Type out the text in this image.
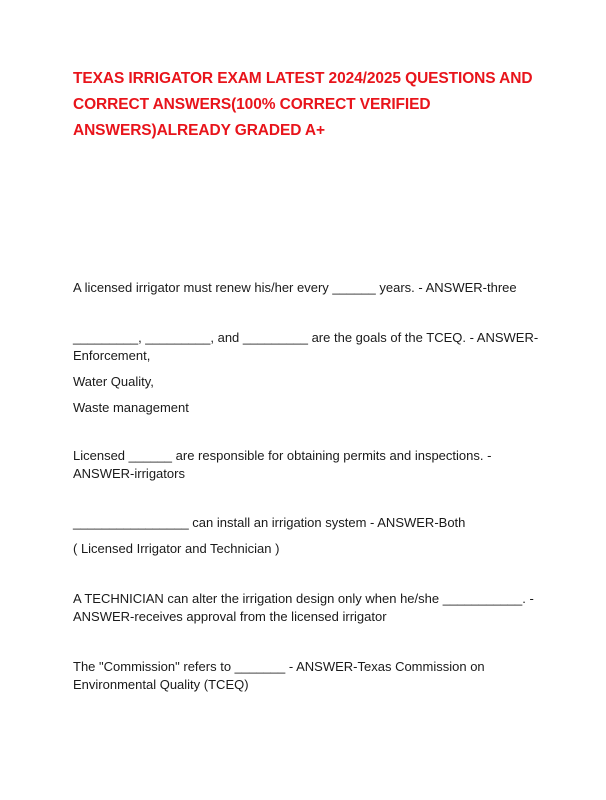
TEXAS IRRIGATOR EXAM LATEST 2024/2025 QUESTIONS AND CORRECT ANSWERS(100% CORRECT VERIFIED ANSWERS)ALREADY GRADED A+

A licensed irrigator must renew his/her every ______ years. - ANSWER-three

_________, _________, and _________ are the goals of the TCEQ. - ANSWER-Enforcement,

Water Quality,

Waste management

Licensed ______ are responsible for obtaining permits and inspections. - ANSWER-irrigators

________________ can install an irrigation system - ANSWER-Both

( Licensed Irrigator and Technician )

A TECHNICIAN can alter the irrigation design only when he/she ___________. - ANSWER-receives approval from the licensed irrigator

The "Commission" refers to _______ - ANSWER-Texas Commission on Environmental Quality (TCEQ)
